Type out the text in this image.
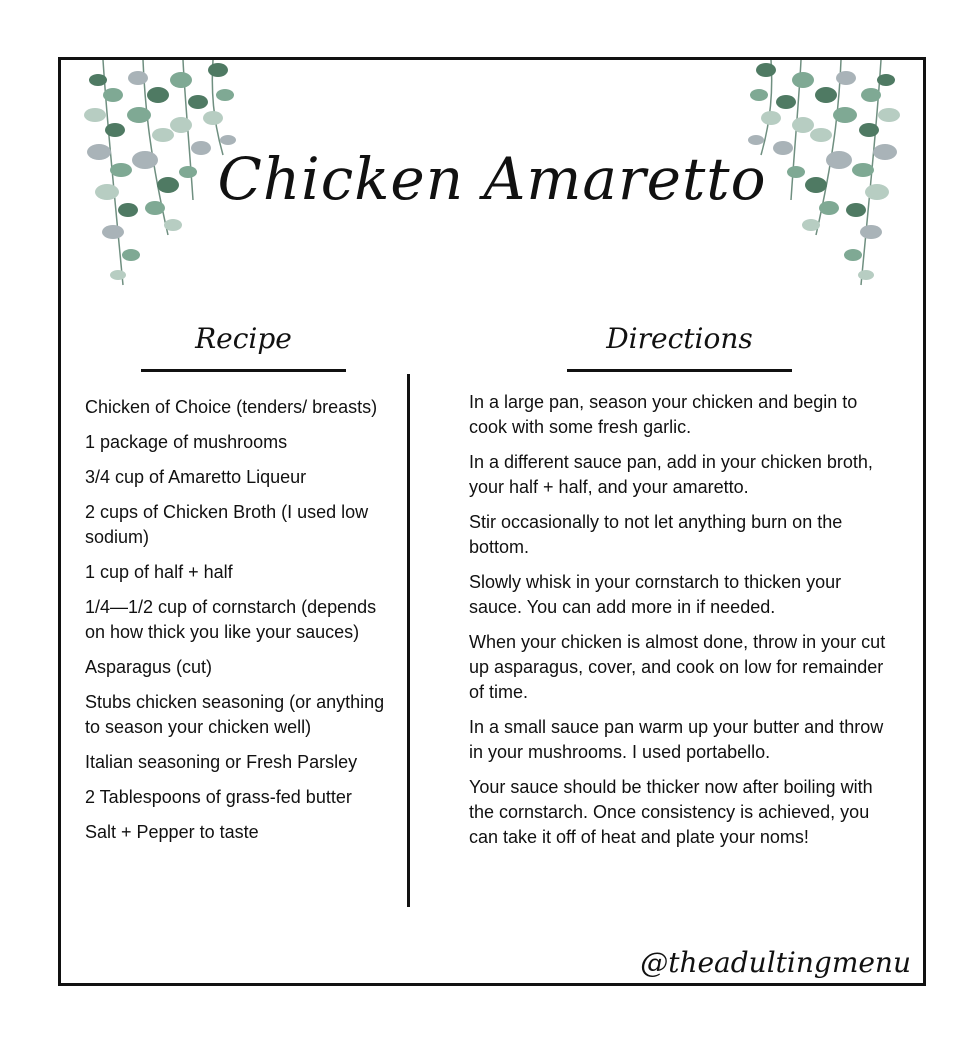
Chicken Amaretto
Recipe	Directions
Chicken of Choice (tenders/ breasts)
1 package of mushrooms
3/4 cup of Amaretto Liqueur
2 cups of Chicken Broth (I used low sodium)
1 cup of half + half
1/4—1/2 cup of cornstarch (depends on how thick you like your sauces)
Asparagus (cut)
Stubs chicken seasoning (or anything to season your chicken well)
Italian seasoning or Fresh Parsley
2 Tablespoons of grass-fed butter
Salt + Pepper to taste
In a large pan, season your chicken and begin to cook with some fresh garlic.
In a different sauce pan, add in your chicken broth, your half + half, and your amaretto.
Stir occasionally to not let anything burn on the bottom.
Slowly whisk in your cornstarch to thicken your sauce. You can add more in if needed.
When your chicken is almost done, throw in your cut up asparagus, cover, and cook on low for remainder of time.
In a small sauce pan warm up your butter and throw in your mushrooms. I used portabello.
Your sauce should be thicker now after boiling with the cornstarch. Once consistency is achieved, you can take it off of heat and plate your noms!
@theadultingmenu
